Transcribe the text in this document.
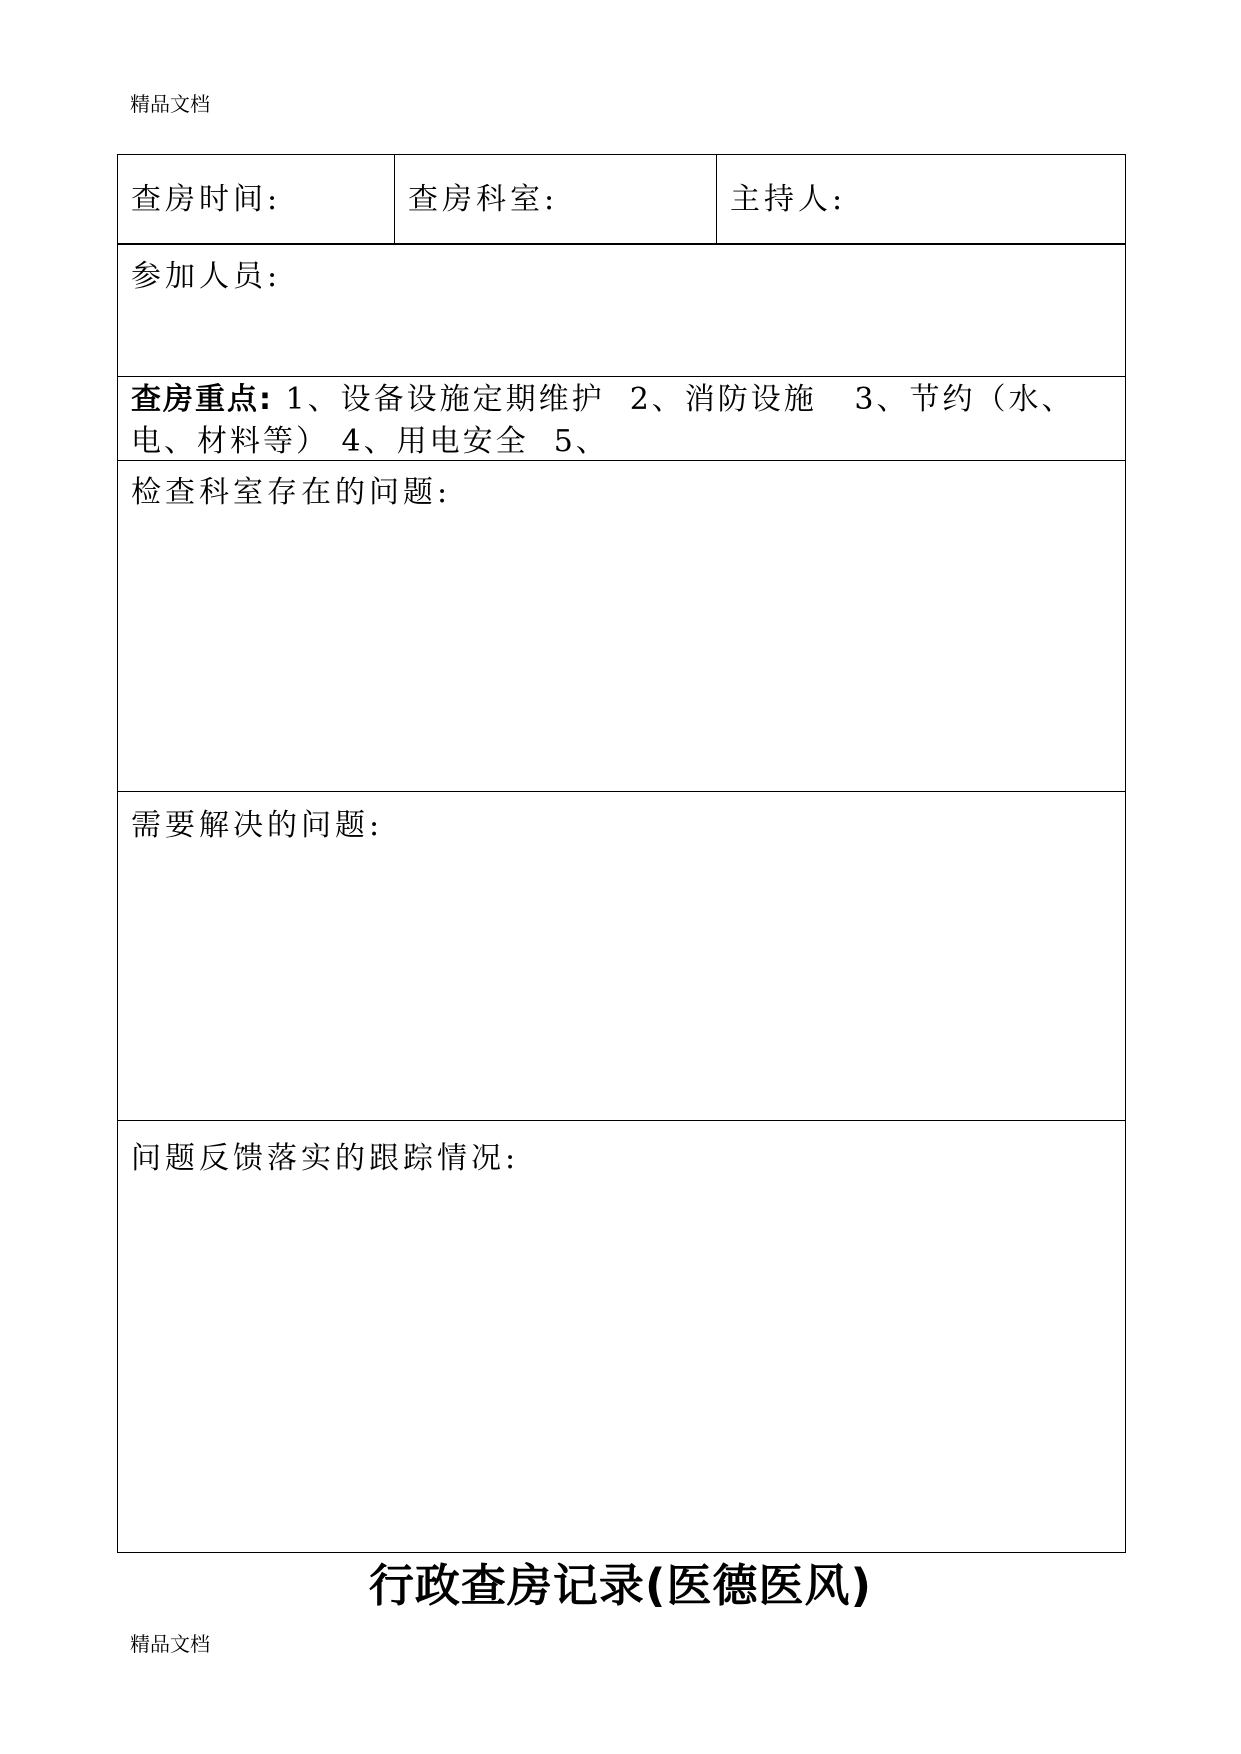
精品文档
查房时间:	查房科室:	主持人:
参加人员:
查房重点: 1、设备设施定期维护  2、消防设施   3、节约（水、电、材料等） 4、用电安全  5、
检查科室存在的问题:
需要解决的问题:
问题反馈落实的跟踪情况:
行政查房记录(医德医风)
精品文档
